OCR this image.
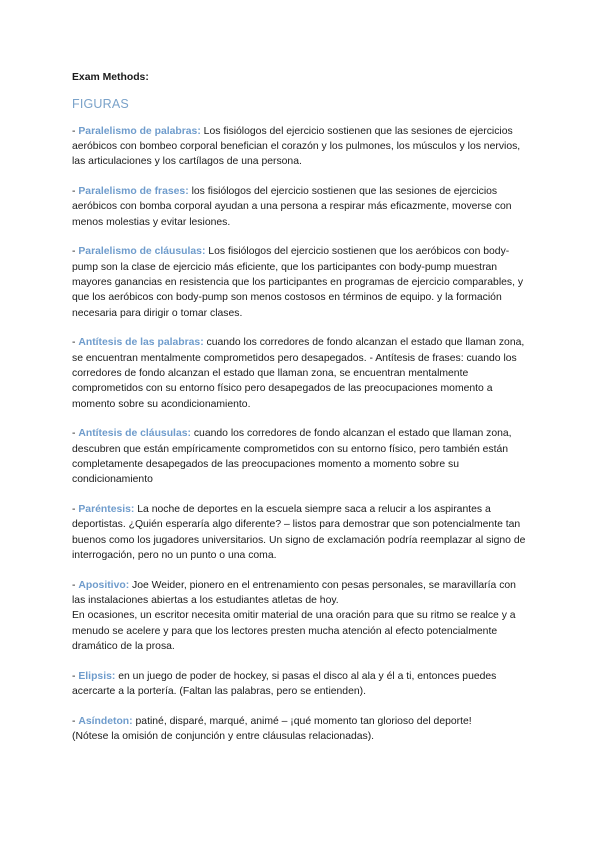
Exam Methods:
FIGURAS

- Paralelismo de palabras: Los fisiólogos del ejercicio sostienen que las sesiones de ejercicios aeróbicos con bombeo corporal benefician el corazón y los pulmones, los músculos y los nervios, las articulaciones y los cartílagos de una persona.

- Paralelismo de frases: los fisiólogos del ejercicio sostienen que las sesiones de ejercicios aeróbicos con bomba corporal ayudan a una persona a respirar más eficazmente, moverse con menos molestias y evitar lesiones.

- Paralelismo de cláusulas: Los fisiólogos del ejercicio sostienen que los aeróbicos con body-pump son la clase de ejercicio más eficiente, que los participantes con body-pump muestran mayores ganancias en resistencia que los participantes en programas de ejercicio comparables, y que los aeróbicos con body-pump son menos costosos en términos de equipo. y la formación necesaria para dirigir o tomar clases.

- Antítesis de las palabras: cuando los corredores de fondo alcanzan el estado que llaman zona, se encuentran mentalmente comprometidos pero desapegados. - Antítesis de frases: cuando los corredores de fondo alcanzan el estado que llaman zona, se encuentran mentalmente comprometidos con su entorno físico pero desapegados de las preocupaciones momento a momento sobre su acondicionamiento.

- Antítesis de cláusulas: cuando los corredores de fondo alcanzan el estado que llaman zona, descubren que están empíricamente comprometidos con su entorno físico, pero también están completamente desapegados de las preocupaciones momento a momento sobre su condicionamiento

- Paréntesis: La noche de deportes en la escuela siempre saca a relucir a los aspirantes a deportistas. ¿Quién esperaría algo diferente? – listos para demostrar que son potencialmente tan buenos como los jugadores universitarios. Un signo de exclamación podría reemplazar al signo de interrogación, pero no un punto o una coma.

- Apositivo: Joe Weider, pionero en el entrenamiento con pesas personales, se maravillaría con las instalaciones abiertas a los estudiantes atletas de hoy.

En ocasiones, un escritor necesita omitir material de una oración para que su ritmo se realce y a menudo se acelere y para que los lectores presten mucha atención al efecto potencialmente dramático de la prosa.

- Elipsis: en un juego de poder de hockey, si pasas el disco al ala y él a ti, entonces puedes acercarte a la portería. (Faltan las palabras, pero se entienden).

- Asíndeton: patiné, disparé, marqué, animé – ¡qué momento tan glorioso del deporte!

(Nótese la omisión de conjunción y entre cláusulas relacionadas).
